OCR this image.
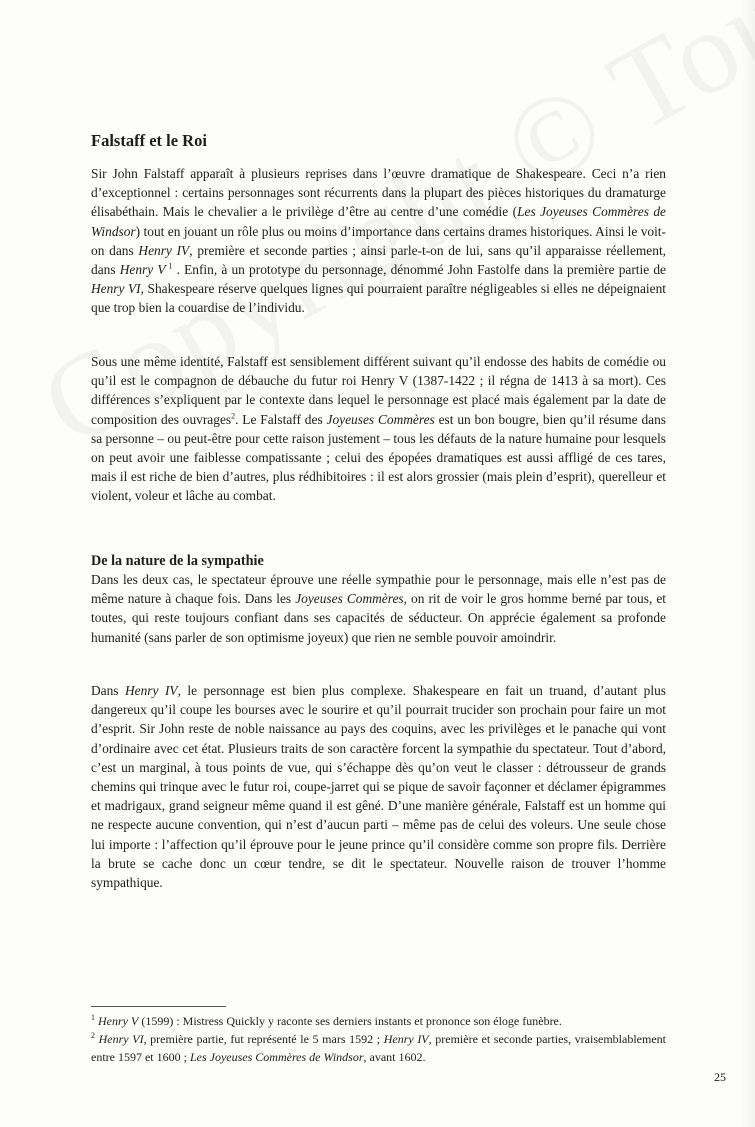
Falstaff et le Roi

Sir John Falstaff apparaît à plusieurs reprises dans l’œuvre dramatique de Shakespeare. Ceci n’a rien d’exceptionnel : certains personnages sont récurrents dans la plupart des pièces historiques du dramaturge élisabéthain. Mais le chevalier a le privilège d’être au centre d’une comédie (Les Joyeuses Commères de Windsor) tout en jouant un rôle plus ou moins d’importance dans certains drames historiques. Ainsi le voit-on dans Henry IV, première et seconde parties ; ainsi parle-t-on de lui, sans qu’il apparaisse réellement, dans Henry V $^1$ . Enfin, à un prototype du personnage, dénommé John Fastolfe dans la première partie de Henry VI, Shakespeare réserve quelques lignes qui pourraient paraître négligeables si elles ne dépeignaient que trop bien la couardise de l’individu.

Sous une même identité, Falstaff est sensiblement différent suivant qu’il endosse des habits de comédie ou qu’il est le compagnon de débauche du futur roi Henry V (1387-1422 ; il régna de 1413 à sa mort). Ces différences s’expliquent par le contexte dans lequel le personnage est placé mais également par la date de composition des ouvrages$^2$. Le Falstaff des Joyeuses Commères est un bon bougre, bien qu’il résume dans sa personne – ou peut-être pour cette raison justement – tous les défauts de la nature humaine pour lesquels on peut avoir une faiblesse compatissante ; celui des épopées dramatiques est aussi affligé de ces tares, mais il est riche de bien d’autres, plus rédhibitoires : il est alors grossier (mais plein d’esprit), querelleur et violent, voleur et lâche au combat.

De la nature de la sympathie

Dans les deux cas, le spectateur éprouve une réelle sympathie pour le personnage, mais elle n’est pas de même nature à chaque fois. Dans les Joyeuses Commères, on rit de voir le gros homme berné par tous, et toutes, qui reste toujours confiant dans ses capacités de séducteur. On apprécie également sa profonde humanité (sans parler de son optimisme joyeux) que rien ne semble pouvoir amoindrir.

Dans Henry IV, le personnage est bien plus complexe. Shakespeare en fait un truand, d’autant plus dangereux qu’il coupe les bourses avec le sourire et qu’il pourrait trucider son prochain pour faire un mot d’esprit. Sir John reste de noble naissance au pays des coquins, avec les privilèges et le panache qui vont d’ordinaire avec cet état. Plusieurs traits de son caractère forcent la sympathie du spectateur. Tout d’abord, c’est un marginal, à tous points de vue, qui s’échappe dès qu’on veut le classer : détrousseur de grands chemins qui trinque avec le futur roi, coupe-jarret qui se pique de savoir façonner et déclamer épigrammes et madrigaux, grand seigneur même quand il est gêné. D’une manière générale, Falstaff est un homme qui ne respecte aucune convention, qui n’est d’aucun parti – même pas de celui des voleurs. Une seule chose lui importe : l’affection qu’il éprouve pour le jeune prince qu’il considère comme son propre fils. Derrière la brute se cache donc un cœur tendre, se dit le spectateur. Nouvelle raison de trouver l’homme sympathique.

$^1$ Henry V (1599) : Mistress Quickly y raconte ses derniers instants et prononce son éloge funèbre.

$^2$ Henry VI, première partie, fut représenté le 5 mars 1592 ; Henry IV, première et seconde parties, vraisemblablement entre 1597 et 1600 ; Les Joyeuses Commères de Windsor, avant 1602.

25
